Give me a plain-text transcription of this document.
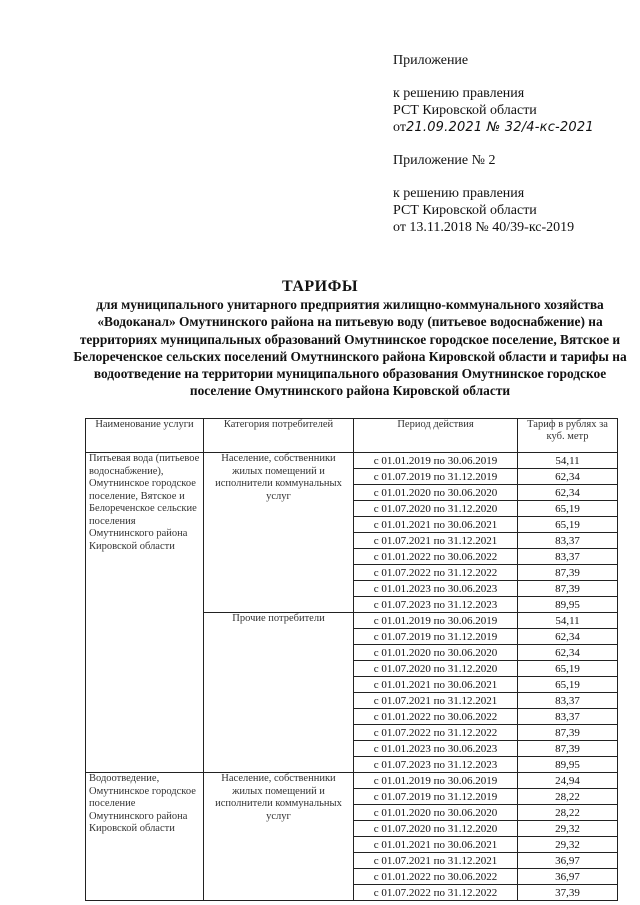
Приложение
к решению правления
РСТ Кировской области
от21.09.2021 № 32/4-кс-2021
Приложение № 2
к решению правления
РСТ Кировской области
от 13.11.2018 № 40/39-кс-2019
ТАРИФЫ
для муниципального унитарного предприятия жилищно-коммунального хозяйства «Водоканал» Омутнинского района на питьевую воду (питьевое водоснабжение) на территориях муниципальных образований Омутнинское городское поселение, Вятское и Белореченское сельских поселений Омутнинского района Кировской области и тарифы на водоотведение на территории муниципального образования Омутнинское городское поселение Омутнинского района Кировской области
Наименование услуги	Категория потребителей	Период действия	Тариф в рублях за куб. метр
Питьевая вода (питьевое водоснабжение), Омутнинское городское поселение, Вятское и Белореченское сельские поселения Омутнинского района Кировской области	Население, собственники жилых помещений и исполнители коммунальных услуг	с 01.01.2019 по 30.06.2019	54,11
		с 01.07.2019 по 31.12.2019	62,34
		с 01.01.2020 по 30.06.2020	62,34
		с 01.07.2020 по 31.12.2020	65,19
		с 01.01.2021 по 30.06.2021	65,19
		с 01.07.2021 по 31.12.2021	83,37
		с 01.01.2022 по 30.06.2022	83,37
		с 01.07.2022 по 31.12.2022	87,39
		с 01.01.2023 по 30.06.2023	87,39
		с 01.07.2023 по 31.12.2023	89,95
	Прочие потребители	с 01.01.2019 по 30.06.2019	54,11
		с 01.07.2019 по 31.12.2019	62,34
		с 01.01.2020 по 30.06.2020	62,34
		с 01.07.2020 по 31.12.2020	65,19
		с 01.01.2021 по 30.06.2021	65,19
		с 01.07.2021 по 31.12.2021	83,37
		с 01.01.2022 по 30.06.2022	83,37
		с 01.07.2022 по 31.12.2022	87,39
		с 01.01.2023 по 30.06.2023	87,39
		с 01.07.2023 по 31.12.2023	89,95
Водоотведение, Омутнинское городское поселение Омутнинского района Кировской области	Население, собственники жилых помещений и исполнители коммунальных услуг	с 01.01.2019 по 30.06.2019	24,94
		с 01.07.2019 по 31.12.2019	28,22
		с 01.01.2020 по 30.06.2020	28,22
		с 01.07.2020 по 31.12.2020	29,32
		с 01.01.2021 по 30.06.2021	29,32
		с 01.07.2021 по 31.12.2021	36,97
		с 01.01.2022 по 30.06.2022	36,97
		с 01.07.2022 по 31.12.2022	37,39
